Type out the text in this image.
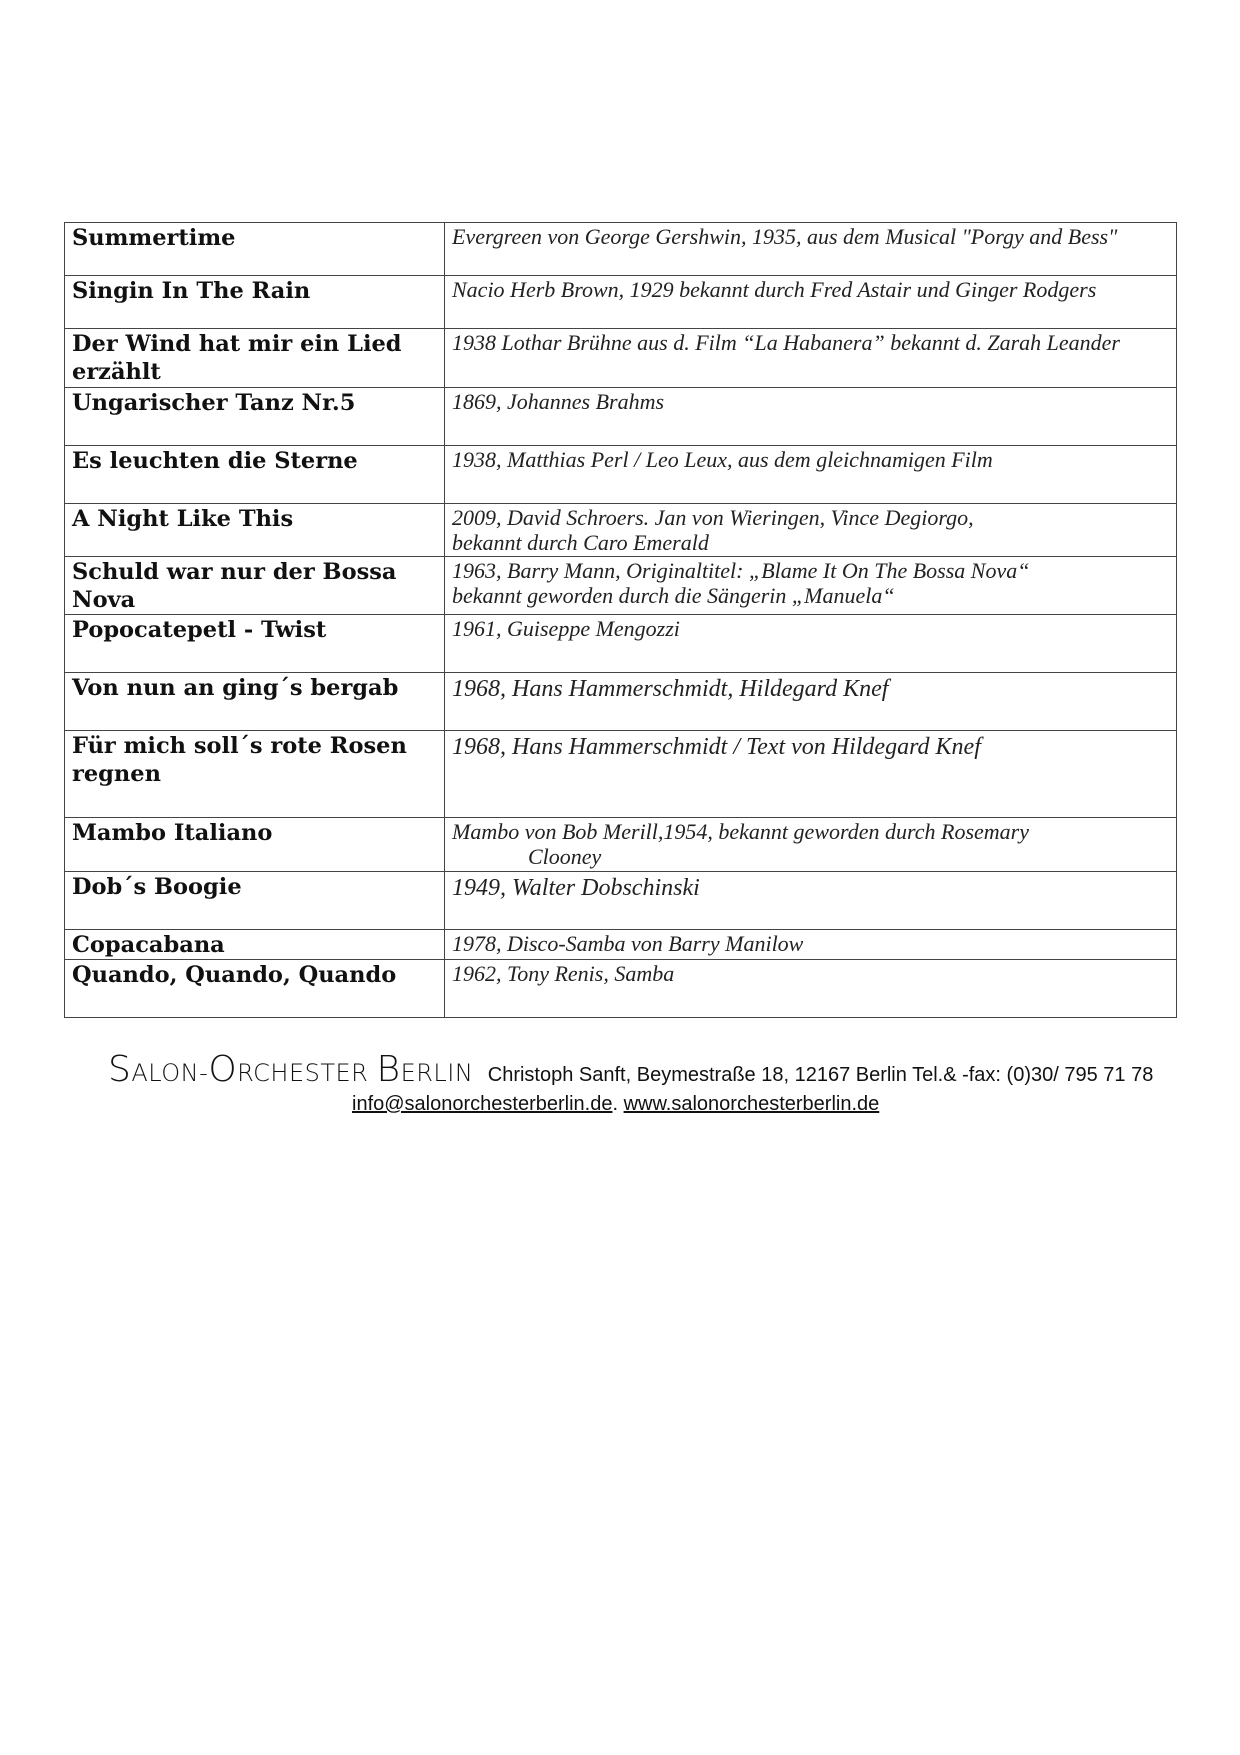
Summertime	Evergreen von George Gershwin, 1935, aus dem Musical "Porgy and Bess"

Singin In The Rain	Nacio Herb Brown, 1929 bekannt durch Fred Astair und Ginger Rodgers

Der Wind hat mir ein Lied erzählt	1938 Lothar Brühne aus d. Film “La Habanera” bekannt d. Zarah Leander

Ungarischer Tanz Nr.5	1869, Johannes Brahms

Es leuchten die Sterne	1938, Matthias Perl / Leo Leux, aus dem gleichnamigen Film

A Night Like This	2009, David Schroers. Jan von Wieringen, Vince Degiorgo,
bekannt durch Caro Emerald

Schuld war nur der Bossa Nova	1963, Barry Mann, Originaltitel: „Blame It On The Bossa Nova“
bekannt geworden durch die Sängerin „Manuela“

Popocatepetl - Twist	1961, Guiseppe Mengozzi

Von nun an ging´s bergab	1968, Hans Hammerschmidt, Hildegard Knef

Für mich soll´s rote Rosen regnen	1968, Hans Hammerschmidt / Text von Hildegard Knef

Mambo Italiano	Mambo von Bob Merill,1954, bekannt geworden durch Rosemary
Clooney

Dob´s Boogie	1949, Walter Dobschinski

Copacabana	1978, Disco-Samba von Barry Manilow

Quando, Quando, Quando	1962, Tony Renis, Samba
SALON-ORCHESTER BERLIN Christoph Sanft, Beymestraße 18, 12167 Berlin Tel.& -fax: (0)30/ 795 71 78
info@salonorchesterberlin.de. www.salonorchesterberlin.de
